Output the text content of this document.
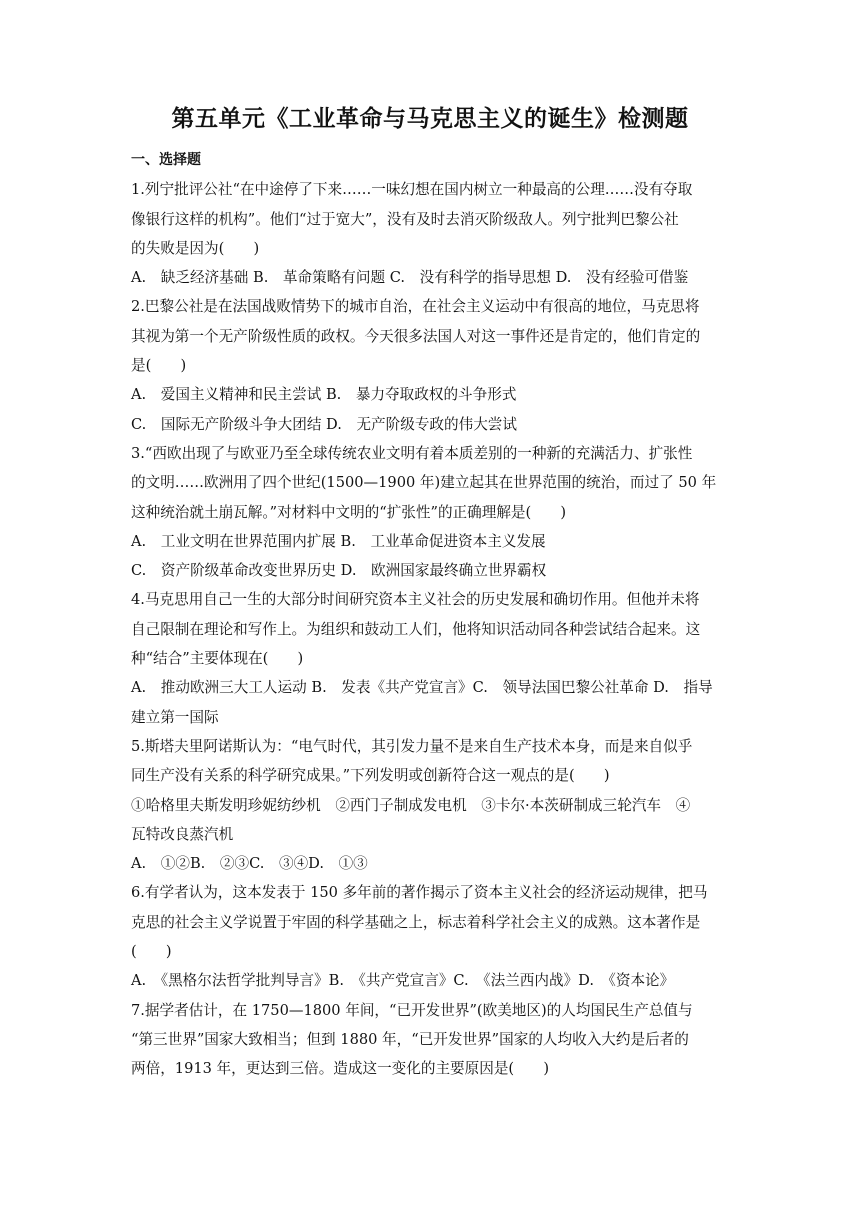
第五单元《工业革命与马克思主义的诞生》检测题
一、选择题
1.列宁批评公社“在中途停了下来……一味幻想在国内树立一种最高的公理……没有夺取
像银行这样的机构”。他们“过于宽大”，没有及时去消灭阶级敌人。列宁批判巴黎公社
的失败是因为(　　)
A.　缺乏经济基础 B.　革命策略有问题 C.　没有科学的指导思想 D.　没有经验可借鉴
2.巴黎公社是在法国战败情势下的城市自治，在社会主义运动中有很高的地位，马克思将
其视为第一个无产阶级性质的政权。今天很多法国人对这一事件还是肯定的，他们肯定的
是(　　)
A.　爱国主义精神和民主尝试 B.　暴力夺取政权的斗争形式
C.　国际无产阶级斗争大团结 D.　无产阶级专政的伟大尝试
3.“西欧出现了与欧亚乃至全球传统农业文明有着本质差别的一种新的充满活力、扩张性
的文明……欧洲用了四个世纪(1500—1900 年)建立起其在世界范围的统治，而过了 50 年
这种统治就土崩瓦解。”对材料中文明的“扩张性”的正确理解是(　　)
A.　工业文明在世界范围内扩展 B.　工业革命促进资本主义发展
C.　资产阶级革命改变世界历史 D.　欧洲国家最终确立世界霸权
4.马克思用自己一生的大部分时间研究资本主义社会的历史发展和确切作用。但他并未将
自己限制在理论和写作上。为组织和鼓动工人们，他将知识活动同各种尝试结合起来。这
种“结合”主要体现在(　　)
A.　推动欧洲三大工人运动 B.　发表《共产党宣言》C.　领导法国巴黎公社革命 D.　指导
建立第一国际
5.斯塔夫里阿诺斯认为：“电气时代，其引发力量不是来自生产技术本身，而是来自似乎
同生产没有关系的科学研究成果。”下列发明或创新符合这一观点的是(　　)
①哈格里夫斯发明珍妮纺纱机　②西门子制成发电机　③卡尔·本茨研制成三轮汽车　④
瓦特改良蒸汽机
A.　①②B.　②③C.　③④D.　①③
6.有学者认为，这本发表于 150 多年前的著作揭示了资本主义社会的经济运动规律，把马
克思的社会主义学说置于牢固的科学基础之上，标志着科学社会主义的成熟。这本著作是
(　　)
A.　《黑格尔法哲学批判导言》B.　《共产党宣言》C.　《法兰西内战》D.　《资本论》
7.据学者估计，在 1750—1800 年间，“已开发世界”(欧美地区)的人均国民生产总值与
“第三世界”国家大致相当；但到 1880 年，“已开发世界”国家的人均收入大约是后者的
两倍，1913 年，更达到三倍。造成这一变化的主要原因是(　　)
